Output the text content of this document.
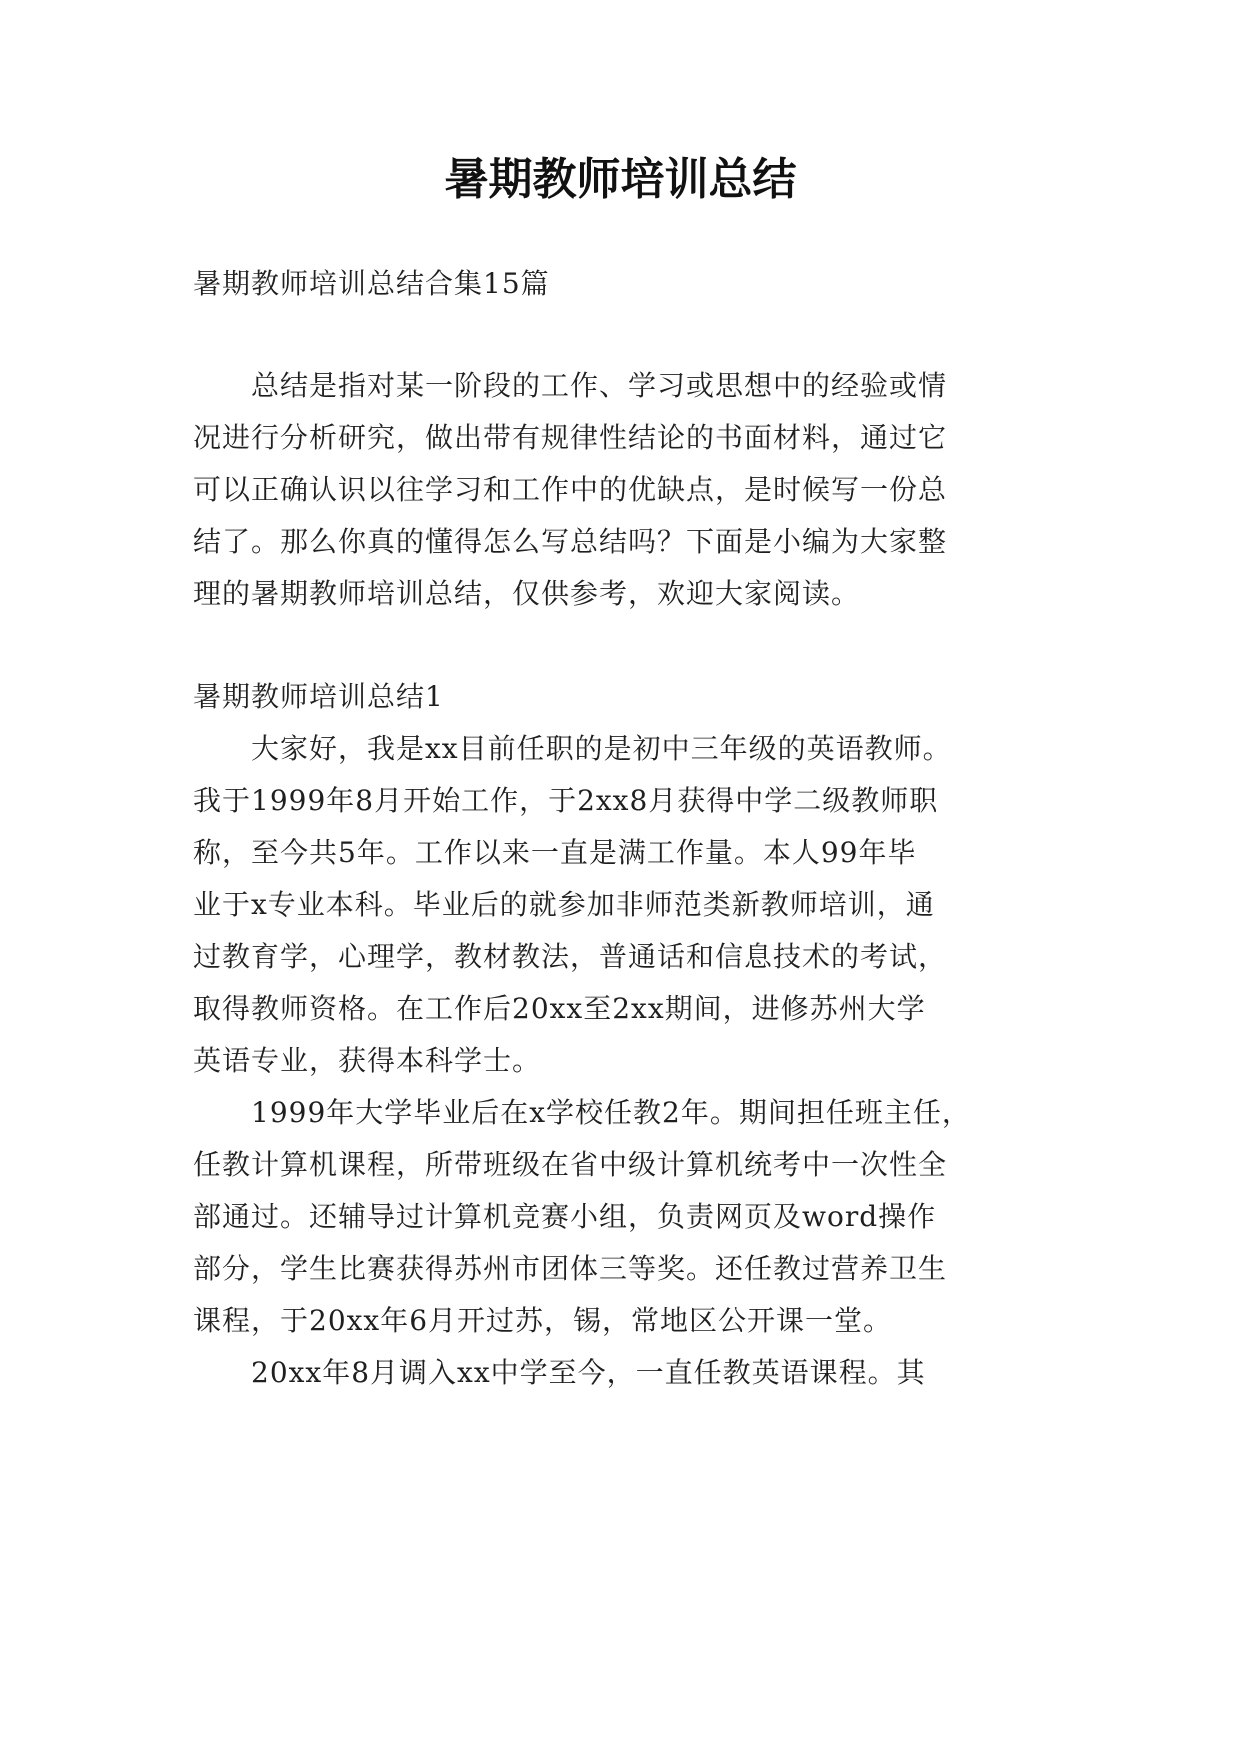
暑期教师培训总结
暑期教师培训总结合集15篇
　　总结是指对某一阶段的工作、学习或思想中的经验或情
况进行分析研究，做出带有规律性结论的书面材料，通过它
可以正确认识以往学习和工作中的优缺点，是时候写一份总
结了。那么你真的懂得怎么写总结吗？下面是小编为大家整
理的暑期教师培训总结，仅供参考，欢迎大家阅读。
暑期教师培训总结1
　　大家好，我是xx目前任职的是初中三年级的英语教师。
我于1999年8月开始工作，于2xx8月获得中学二级教师职
称，至今共5年。工作以来一直是满工作量。本人99年毕
业于x专业本科。毕业后的就参加非师范类新教师培训，通
过教育学，心理学，教材教法，普通话和信息技术的考试，
取得教师资格。在工作后20xx至2xx期间，进修苏州大学
英语专业，获得本科学士。
　　1999年大学毕业后在x学校任教2年。期间担任班主任，
任教计算机课程，所带班级在省中级计算机统考中一次性全
部通过。还辅导过计算机竞赛小组，负责网页及word操作
部分，学生比赛获得苏州市团体三等奖。还任教过营养卫生
课程，于20xx年6月开过苏，锡，常地区公开课一堂。
　　20xx年8月调入xx中学至今，一直任教英语课程。其
